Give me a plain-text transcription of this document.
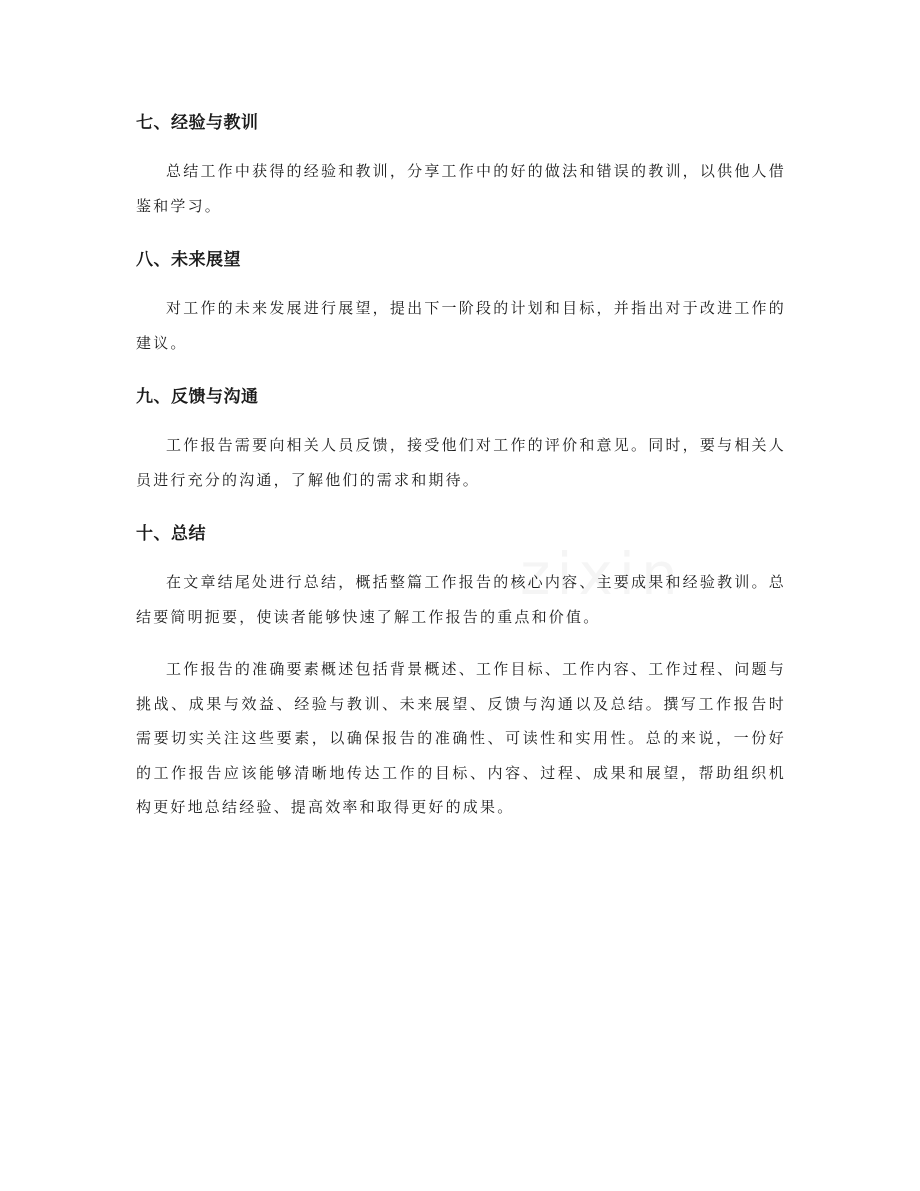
七、经验与教训

总结工作中获得的经验和教训，分享工作中的好的做法和错误的教训，以供他人借鉴和学习。

八、未来展望

对工作的未来发展进行展望，提出下一阶段的计划和目标，并指出对于改进工作的建议。

九、反馈与沟通

工作报告需要向相关人员反馈，接受他们对工作的评价和意见。同时，要与相关人员进行充分的沟通，了解他们的需求和期待。

十、总结

在文章结尾处进行总结，概括整篇工作报告的核心内容、主要成果和经验教训。总结要简明扼要，使读者能够快速了解工作报告的重点和价值。

工作报告的准确要素概述包括背景概述、工作目标、工作内容、工作过程、问题与挑战、成果与效益、经验与教训、未来展望、反馈与沟通以及总结。撰写工作报告时需要切实关注这些要素，以确保报告的准确性、可读性和实用性。总的来说，一份好的工作报告应该能够清晰地传达工作的目标、内容、过程、成果和展望，帮助组织机构更好地总结经验、提高效率和取得更好的成果。
